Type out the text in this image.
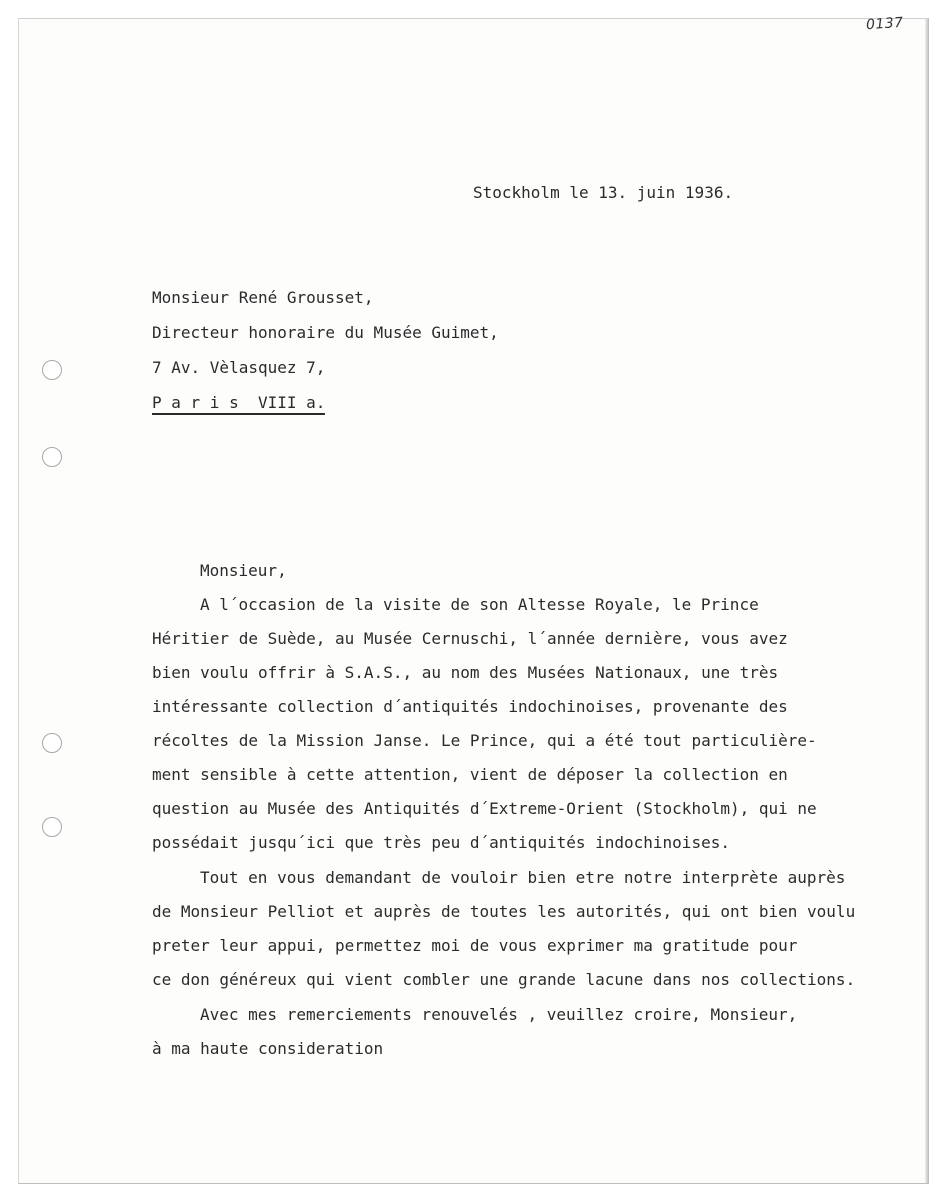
0137
Stockholm le 13. juin 1936.
Monsieur René Grousset,
Directeur honoraire du Musée Guimet,
7 Av. Vèlasquez 7,
P a r i s  VIII a.
Monsieur,
A l´occasion de la visite de son Altesse Royale, le Prince
Héritier de Suède, au Musée Cernuschi, l´année dernière, vous avez
bien voulu offrir à S.A.S., au nom des Musées Nationaux, une très
intéressante collection d´antiquités indochinoises, provenante des
récoltes de la Mission Janse. Le Prince, qui a été tout particulière-
ment sensible à cette attention, vient de déposer la collection en
question au Musée des Antiquités d´Extreme-Orient (Stockholm), qui ne
possédait jusqu´ici que très peu d´antiquités indochinoises.
Tout en vous demandant de vouloir bien etre notre interprète auprès
de Monsieur Pelliot et auprès de toutes les autorités, qui ont bien voulu
preter leur appui, permettez moi de vous exprimer ma gratitude pour
ce don généreux qui vient combler une grande lacune dans nos collections.
Avec mes remerciements renouvelés , veuillez croire, Monsieur,
à ma haute consideration
